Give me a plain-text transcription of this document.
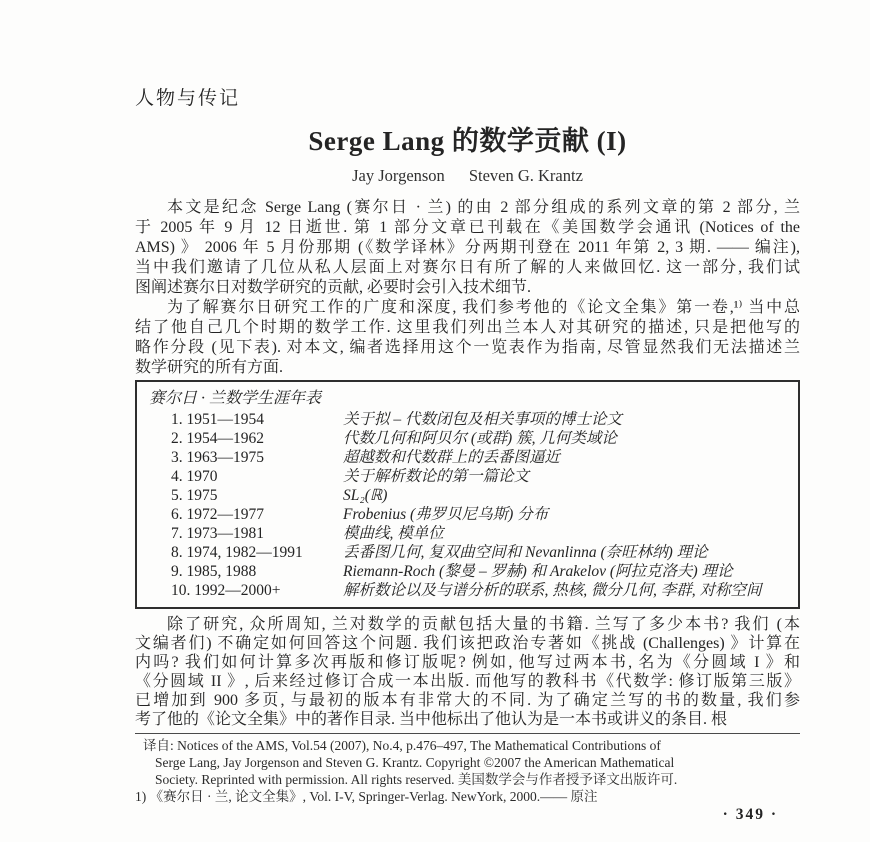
人物与传记
Serge Lang 的数学贡献 (I)
Jay Jorgenson Steven G. Krantz
本文是纪念 Serge Lang (赛尔日 · 兰) 的由 2 部分组成的系列文章的第 2 部分, 兰
于 2005 年 9 月 12 日逝世. 第 1 部分文章已刊载在《美国数学会通讯 (Notices of the
AMS) 》 2006 年 5 月份那期 (《数学译林》分两期刊登在 2011 年第 2, 3 期. —— 编注),
当中我们邀请了几位从私人层面上对赛尔日有所了解的人来做回忆. 这一部分, 我们试
图阐述赛尔日对数学研究的贡献, 必要时会引入技术细节.
为了解赛尔日研究工作的广度和深度, 我们参考他的《论文全集》第一卷,¹⁾ 当中总
结了他自己几个时期的数学工作. 这里我们列出兰本人对其研究的描述, 只是把他写的
略作分段 (见下表). 对本文, 编者选择用这个一览表作为指南, 尽管显然我们无法描述兰
数学研究的所有方面.
赛尔日 · 兰数学生涯年表
1. 1951—1954	关于拟 – 代数闭包及相关事项的博士论文
2. 1954—1962	代数几何和阿贝尔 (或群) 簇, 几何类域论
3. 1963—1975	超越数和代数群上的丢番图逼近
4. 1970	关于解析数论的第一篇论文
5. 1975	SL₂(ℝ)
6. 1972—1977	Frobenius (弗罗贝尼乌斯) 分布
7. 1973—1981	模曲线, 模单位
8. 1974, 1982—1991	丢番图几何, 复双曲空间和 Nevanlinna (奈旺林纳) 理论
9. 1985, 1988	Riemann-Roch (黎曼 – 罗赫) 和 Arakelov (阿拉克洛夫) 理论
10. 1992—2000+	解析数论以及与谱分析的联系, 热核, 微分几何, 李群, 对称空间
除了研究, 众所周知, 兰对数学的贡献包括大量的书籍. 兰写了多少本书? 我们 (本
文编者们) 不确定如何回答这个问题. 我们该把政治专著如《挑战 (Challenges) 》计算在
内吗? 我们如何计算多次再版和修订版呢? 例如, 他写过两本书, 名为《分圆域 I 》和
《分圆域 II 》, 后来经过修订合成一本出版. 而他写的教科书《代数学: 修订版第三版》
已增加到 900 多页, 与最初的版本有非常大的不同. 为了确定兰写的书的数量, 我们参
考了他的《论文全集》中的著作目录. 当中他标出了他认为是一本书或讲义的条目. 根
译自: Notices of the AMS, Vol.54 (2007), No.4, p.476–497, The Mathematical Contributions of
Serge Lang, Jay Jorgenson and Steven G. Krantz. Copyright ©2007 the American Mathematical
Society. Reprinted with permission. All rights reserved. 美国数学会与作者授予译文出版许可.
1) 《赛尔日 · 兰, 论文全集》, Vol. I-V, Springer-Verlag. NewYork, 2000.—— 原注
· 349 ·
